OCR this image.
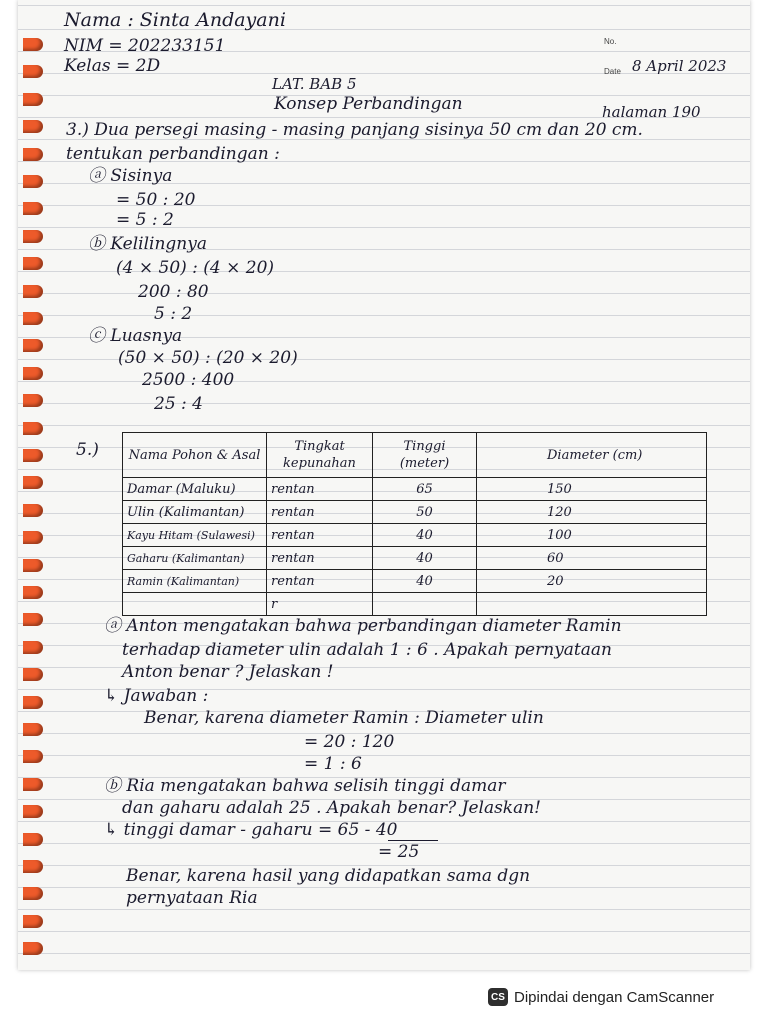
Nama : Sinta Andayani
NIM = 202233151
Kelas = 2D
No.
Date 8 April 2023
LAT. BAB 5
Konsep Perbandingan	halaman 190
3.) Dua persegi masing - masing panjang sisinya 50 cm dan 20 cm.
tentukan perbandingan :
ⓐ Sisinya
= 50 : 20
= 5 : 2
ⓑ Kelilingnya
(4 × 50) : (4 × 20)
200 : 80
5 : 2
ⓒ Luasnya
(50 × 50) : (20 × 20)
2500 : 400
25 : 4
5.) Nama Pohon & Asal	Tingkat kepunahan	Tinggi (meter)	Diameter (cm)
Damar (Maluku)	rentan	65	150
Ulin (Kalimantan)	rentan	50	120
Kayu Hitam (Sulawesi)	rentan	40	100
Gaharu (Kalimantan)	rentan	40	60
Ramin (Kalimantan)	rentan	40	20
	r		
ⓐ Anton mengatakan bahwa perbandingan diameter Ramin
terhadap diameter ulin adalah 1 : 6 . Apakah pernyataan
Anton benar ? Jelaskan !
↳ Jawaban :
Benar, karena diameter Ramin : Diameter ulin
= 20 : 120
= 1 : 6
ⓑ Ria mengatakan bahwa selisih tinggi damar
dan gaharu adalah 25 . Apakah benar? Jelaskan!
↳ tinggi damar - gaharu = 65 - 40
= 25
Benar, karena hasil yang didapatkan sama dgn
pernyataan Ria
CS Dipindai dengan CamScanner
